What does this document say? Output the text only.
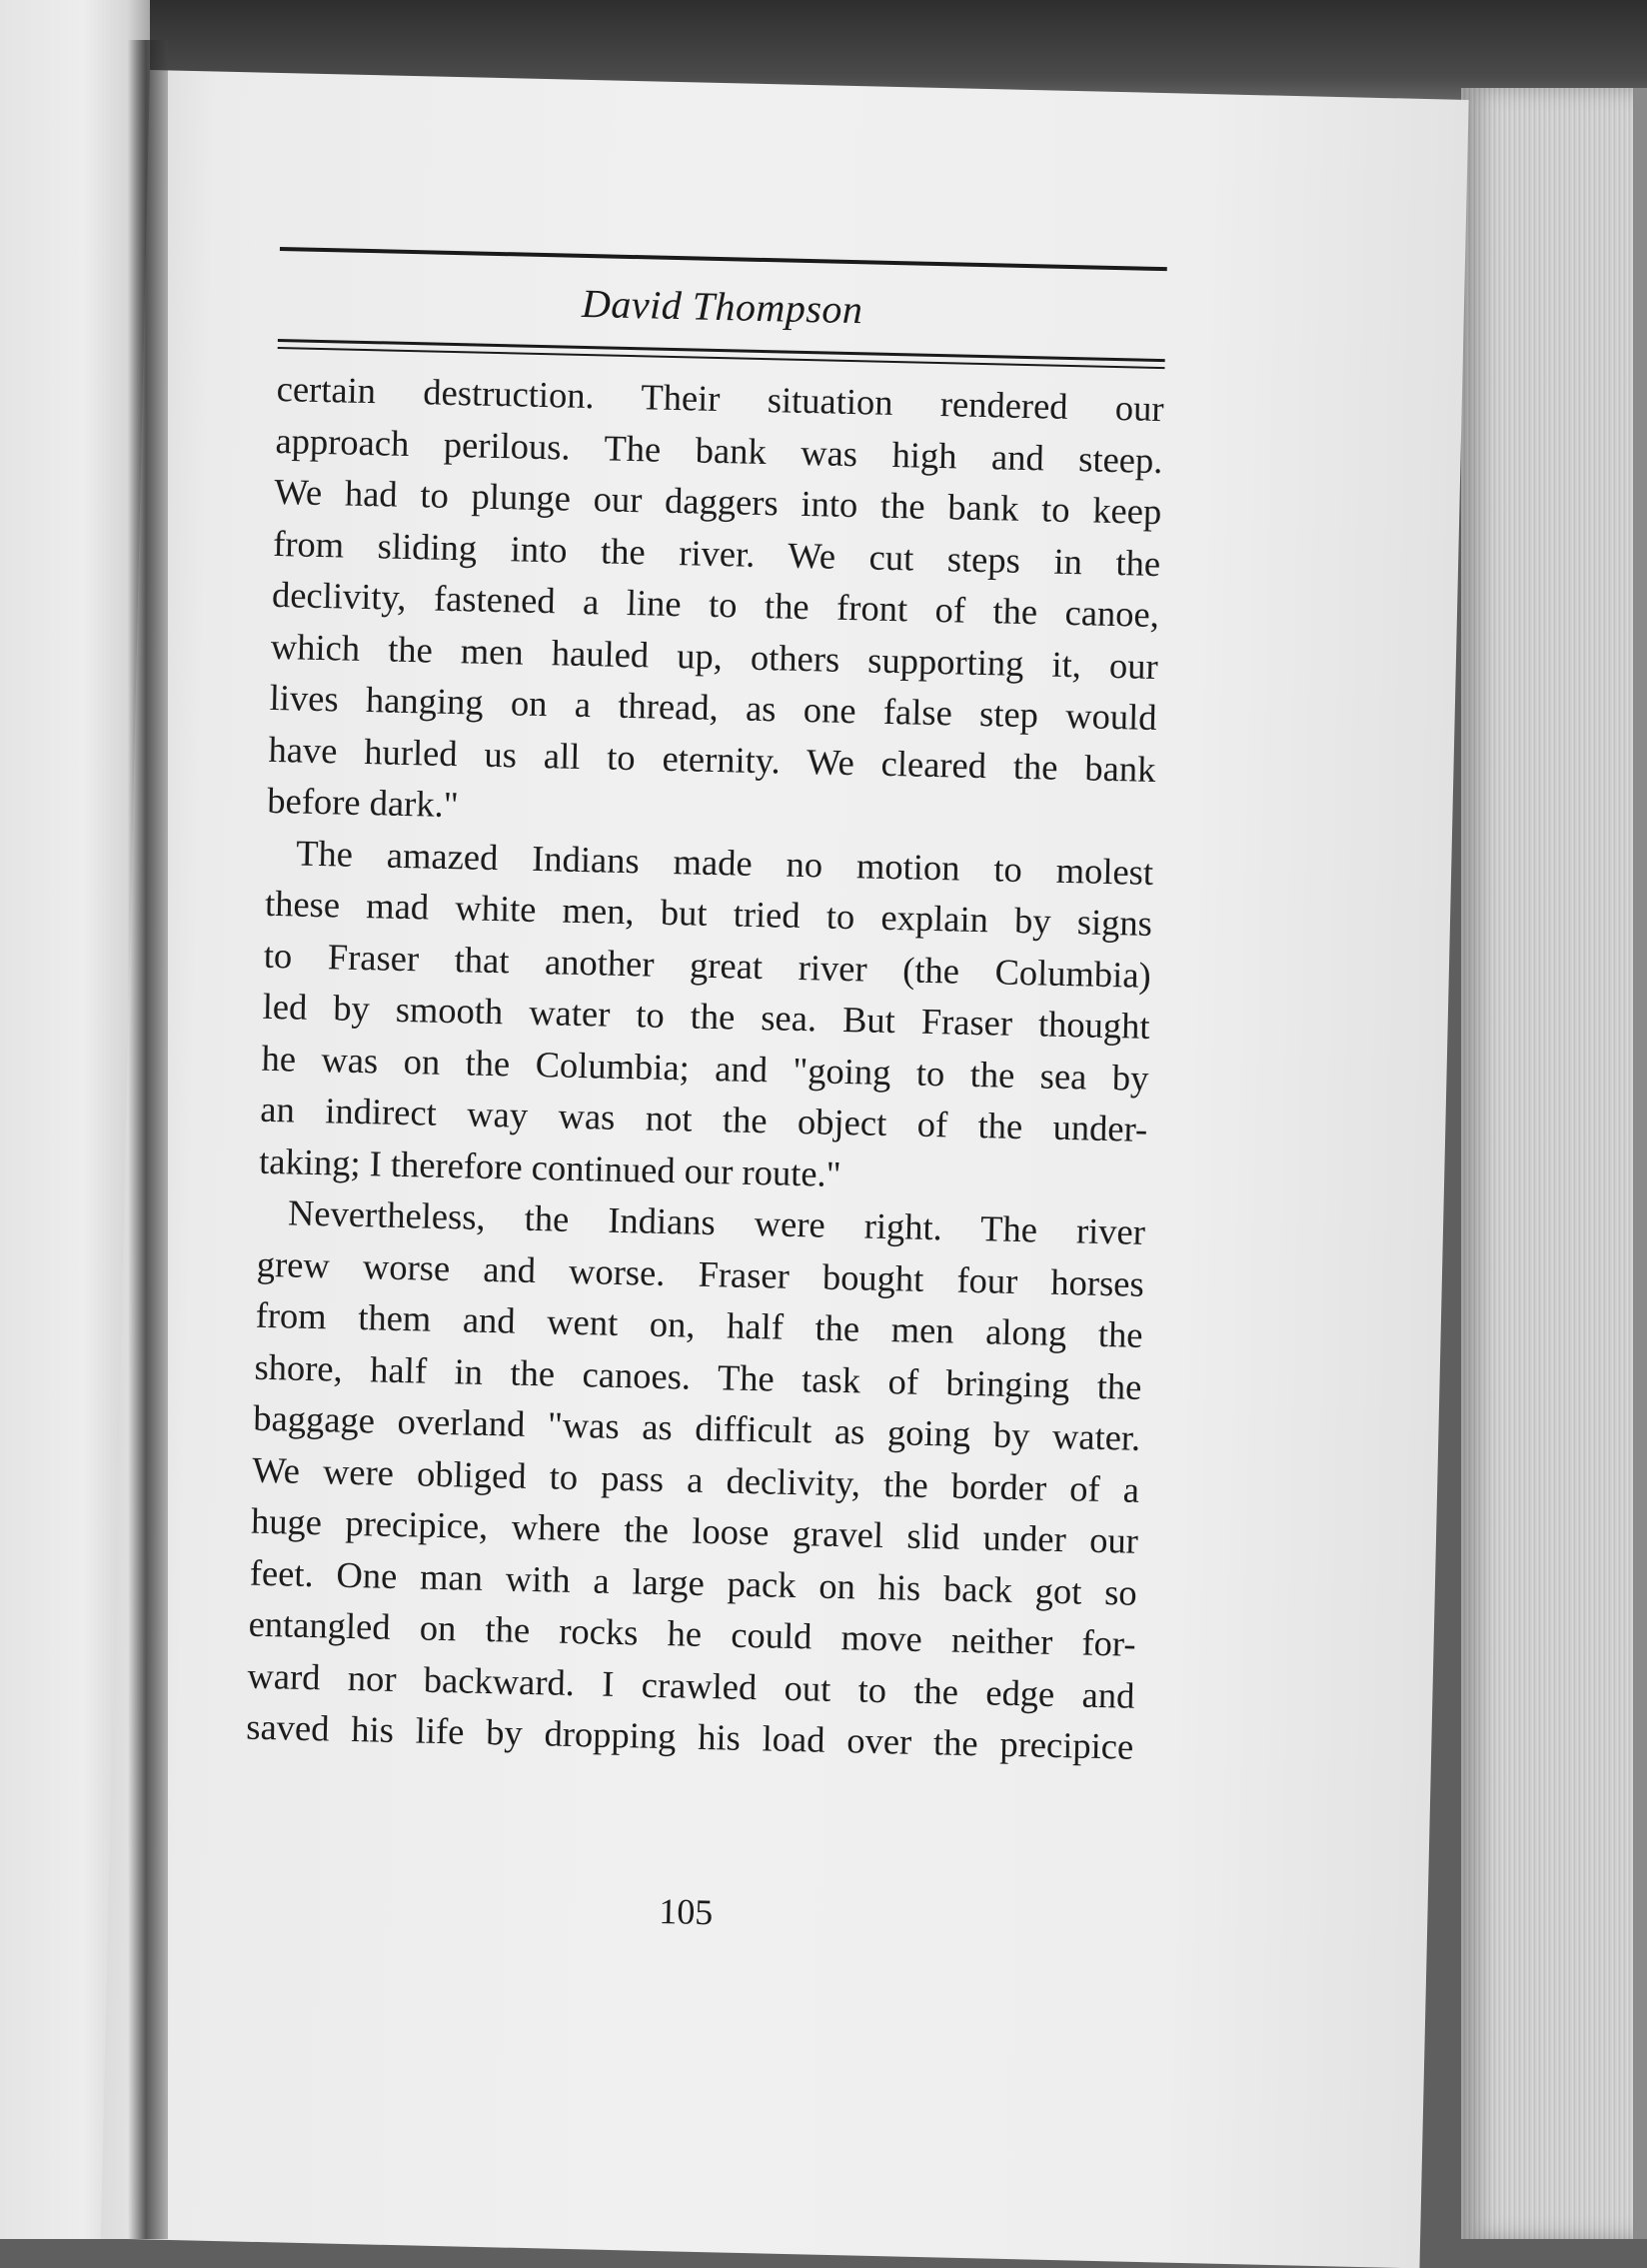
David Thompson
certain destruction. Their situation rendered our
approach perilous. The bank was high and steep.
We had to plunge our daggers into the bank to keep
from sliding into the river. We cut steps in the
declivity, fastened a line to the front of the canoe,
which the men hauled up, others supporting it, our
lives hanging on a thread, as one false step would
have hurled us all to eternity. We cleared the bank
before dark."
The amazed Indians made no motion to molest
these mad white men, but tried to explain by signs
to Fraser that another great river (the Columbia)
led by smooth water to the sea. But Fraser thought
he was on the Columbia; and "going to the sea by
an indirect way was not the object of the under-
taking; I therefore continued our route."
Nevertheless, the Indians were right. The river
grew worse and worse. Fraser bought four horses
from them and went on, half the men along the
shore, half in the canoes. The task of bringing the
baggage overland "was as difficult as going by water.
We were obliged to pass a declivity, the border of a
huge precipice, where the loose gravel slid under our
feet. One man with a large pack on his back got so
entangled on the rocks he could move neither for-
ward nor backward. I crawled out to the edge and
saved his life by dropping his load over the precipice
105
